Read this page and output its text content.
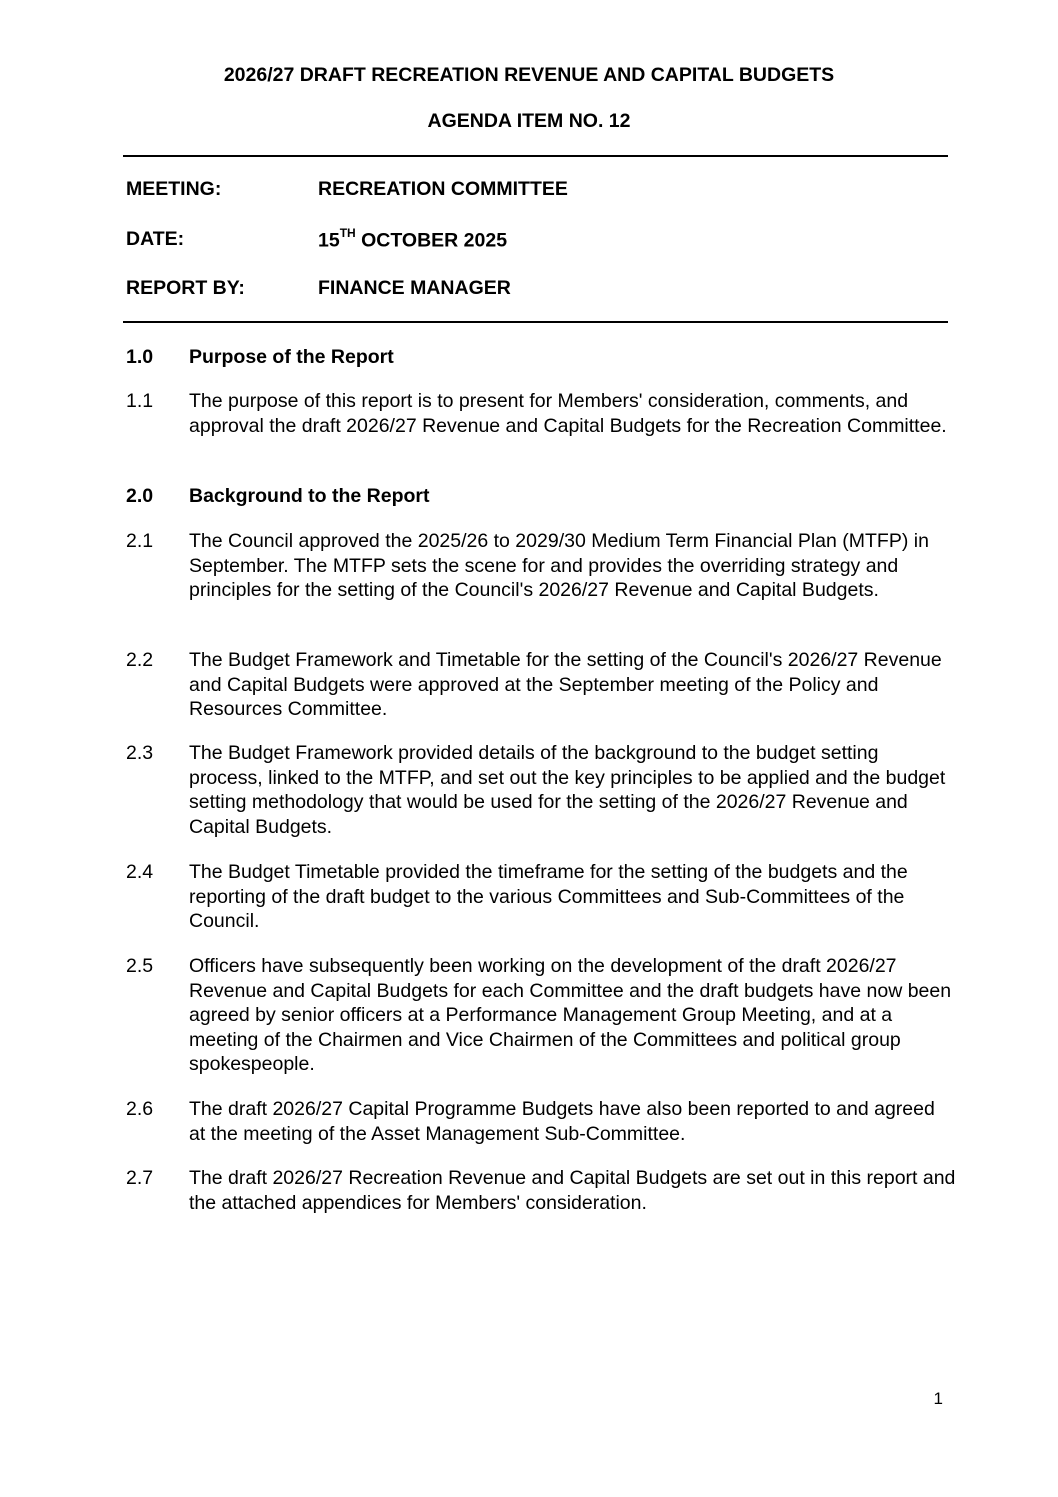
2026/27 DRAFT RECREATION REVENUE AND CAPITAL BUDGETS
AGENDA ITEM NO. 12
MEETING:	RECREATION COMMITTEE
DATE:	15TH OCTOBER 2025
REPORT BY:	FINANCE MANAGER
1.0	Purpose of the Report
1.1	The purpose of this report is to present for Members' consideration, comments, and approval the draft 2026/27 Revenue and Capital Budgets for the Recreation Committee.
2.0	Background to the Report
2.1	The Council approved the 2025/26 to 2029/30 Medium Term Financial Plan (MTFP) in September. The MTFP sets the scene for and provides the overriding strategy and principles for the setting of the Council's 2026/27 Revenue and Capital Budgets.
2.2	The Budget Framework and Timetable for the setting of the Council's 2026/27 Revenue and Capital Budgets were approved at the September meeting of the Policy and Resources Committee.
2.3	The Budget Framework provided details of the background to the budget setting process, linked to the MTFP, and set out the key principles to be applied and the budget setting methodology that would be used for the setting of the 2026/27 Revenue and Capital Budgets.
2.4	The Budget Timetable provided the timeframe for the setting of the budgets and the reporting of the draft budget to the various Committees and Sub-Committees of the Council.
2.5	Officers have subsequently been working on the development of the draft 2026/27 Revenue and Capital Budgets for each Committee and the draft budgets have now been agreed by senior officers at a Performance Management Group Meeting, and at a meeting of the Chairmen and Vice Chairmen of the Committees and political group spokespeople.
2.6	The draft 2026/27 Capital Programme Budgets have also been reported to and agreed at the meeting of the Asset Management Sub-Committee.
2.7	The draft 2026/27 Recreation Revenue and Capital Budgets are set out in this report and the attached appendices for Members' consideration.
1
